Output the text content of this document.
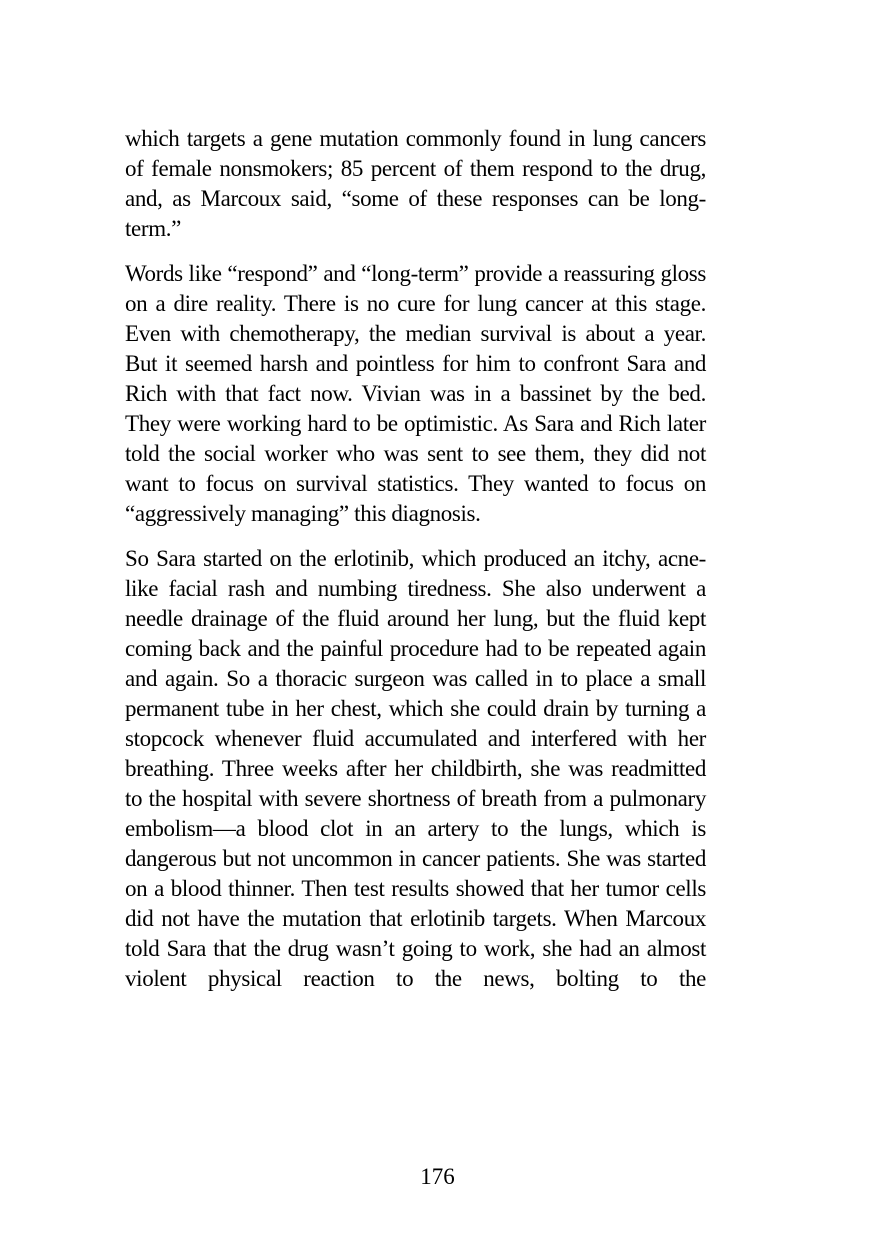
which targets a gene mutation commonly found in lung cancers of female nonsmokers; 85 percent of them respond to the drug, and, as Marcoux said, “some of these responses can be long-term.”

Words like “respond” and “long-term” provide a reassuring gloss on a dire reality. There is no cure for lung cancer at this stage. Even with chemotherapy, the median survival is about a year. But it seemed harsh and pointless for him to confront Sara and Rich with that fact now. Vivian was in a bassinet by the bed. They were working hard to be optimistic. As Sara and Rich later told the social worker who was sent to see them, they did not want to focus on survival statistics. They wanted to focus on “aggressively managing” this diagnosis.

So Sara started on the erlotinib, which produced an itchy, acne-like facial rash and numbing tiredness. She also underwent a needle drainage of the fluid around her lung, but the fluid kept coming back and the painful procedure had to be repeated again and again. So a thoracic surgeon was called in to place a small permanent tube in her chest, which she could drain by turning a stopcock whenever fluid accumulated and interfered with her breathing. Three weeks after her childbirth, she was readmitted to the hospital with severe shortness of breath from a pulmonary embolism—a blood clot in an artery to the lungs, which is dangerous but not uncommon in cancer patients. She was started on a blood thinner. Then test results showed that her tumor cells did not have the mutation that erlotinib targets. When Marcoux told Sara that the drug wasn’t going to work, she had an almost violent physical reaction to the news, bolting to the

176
